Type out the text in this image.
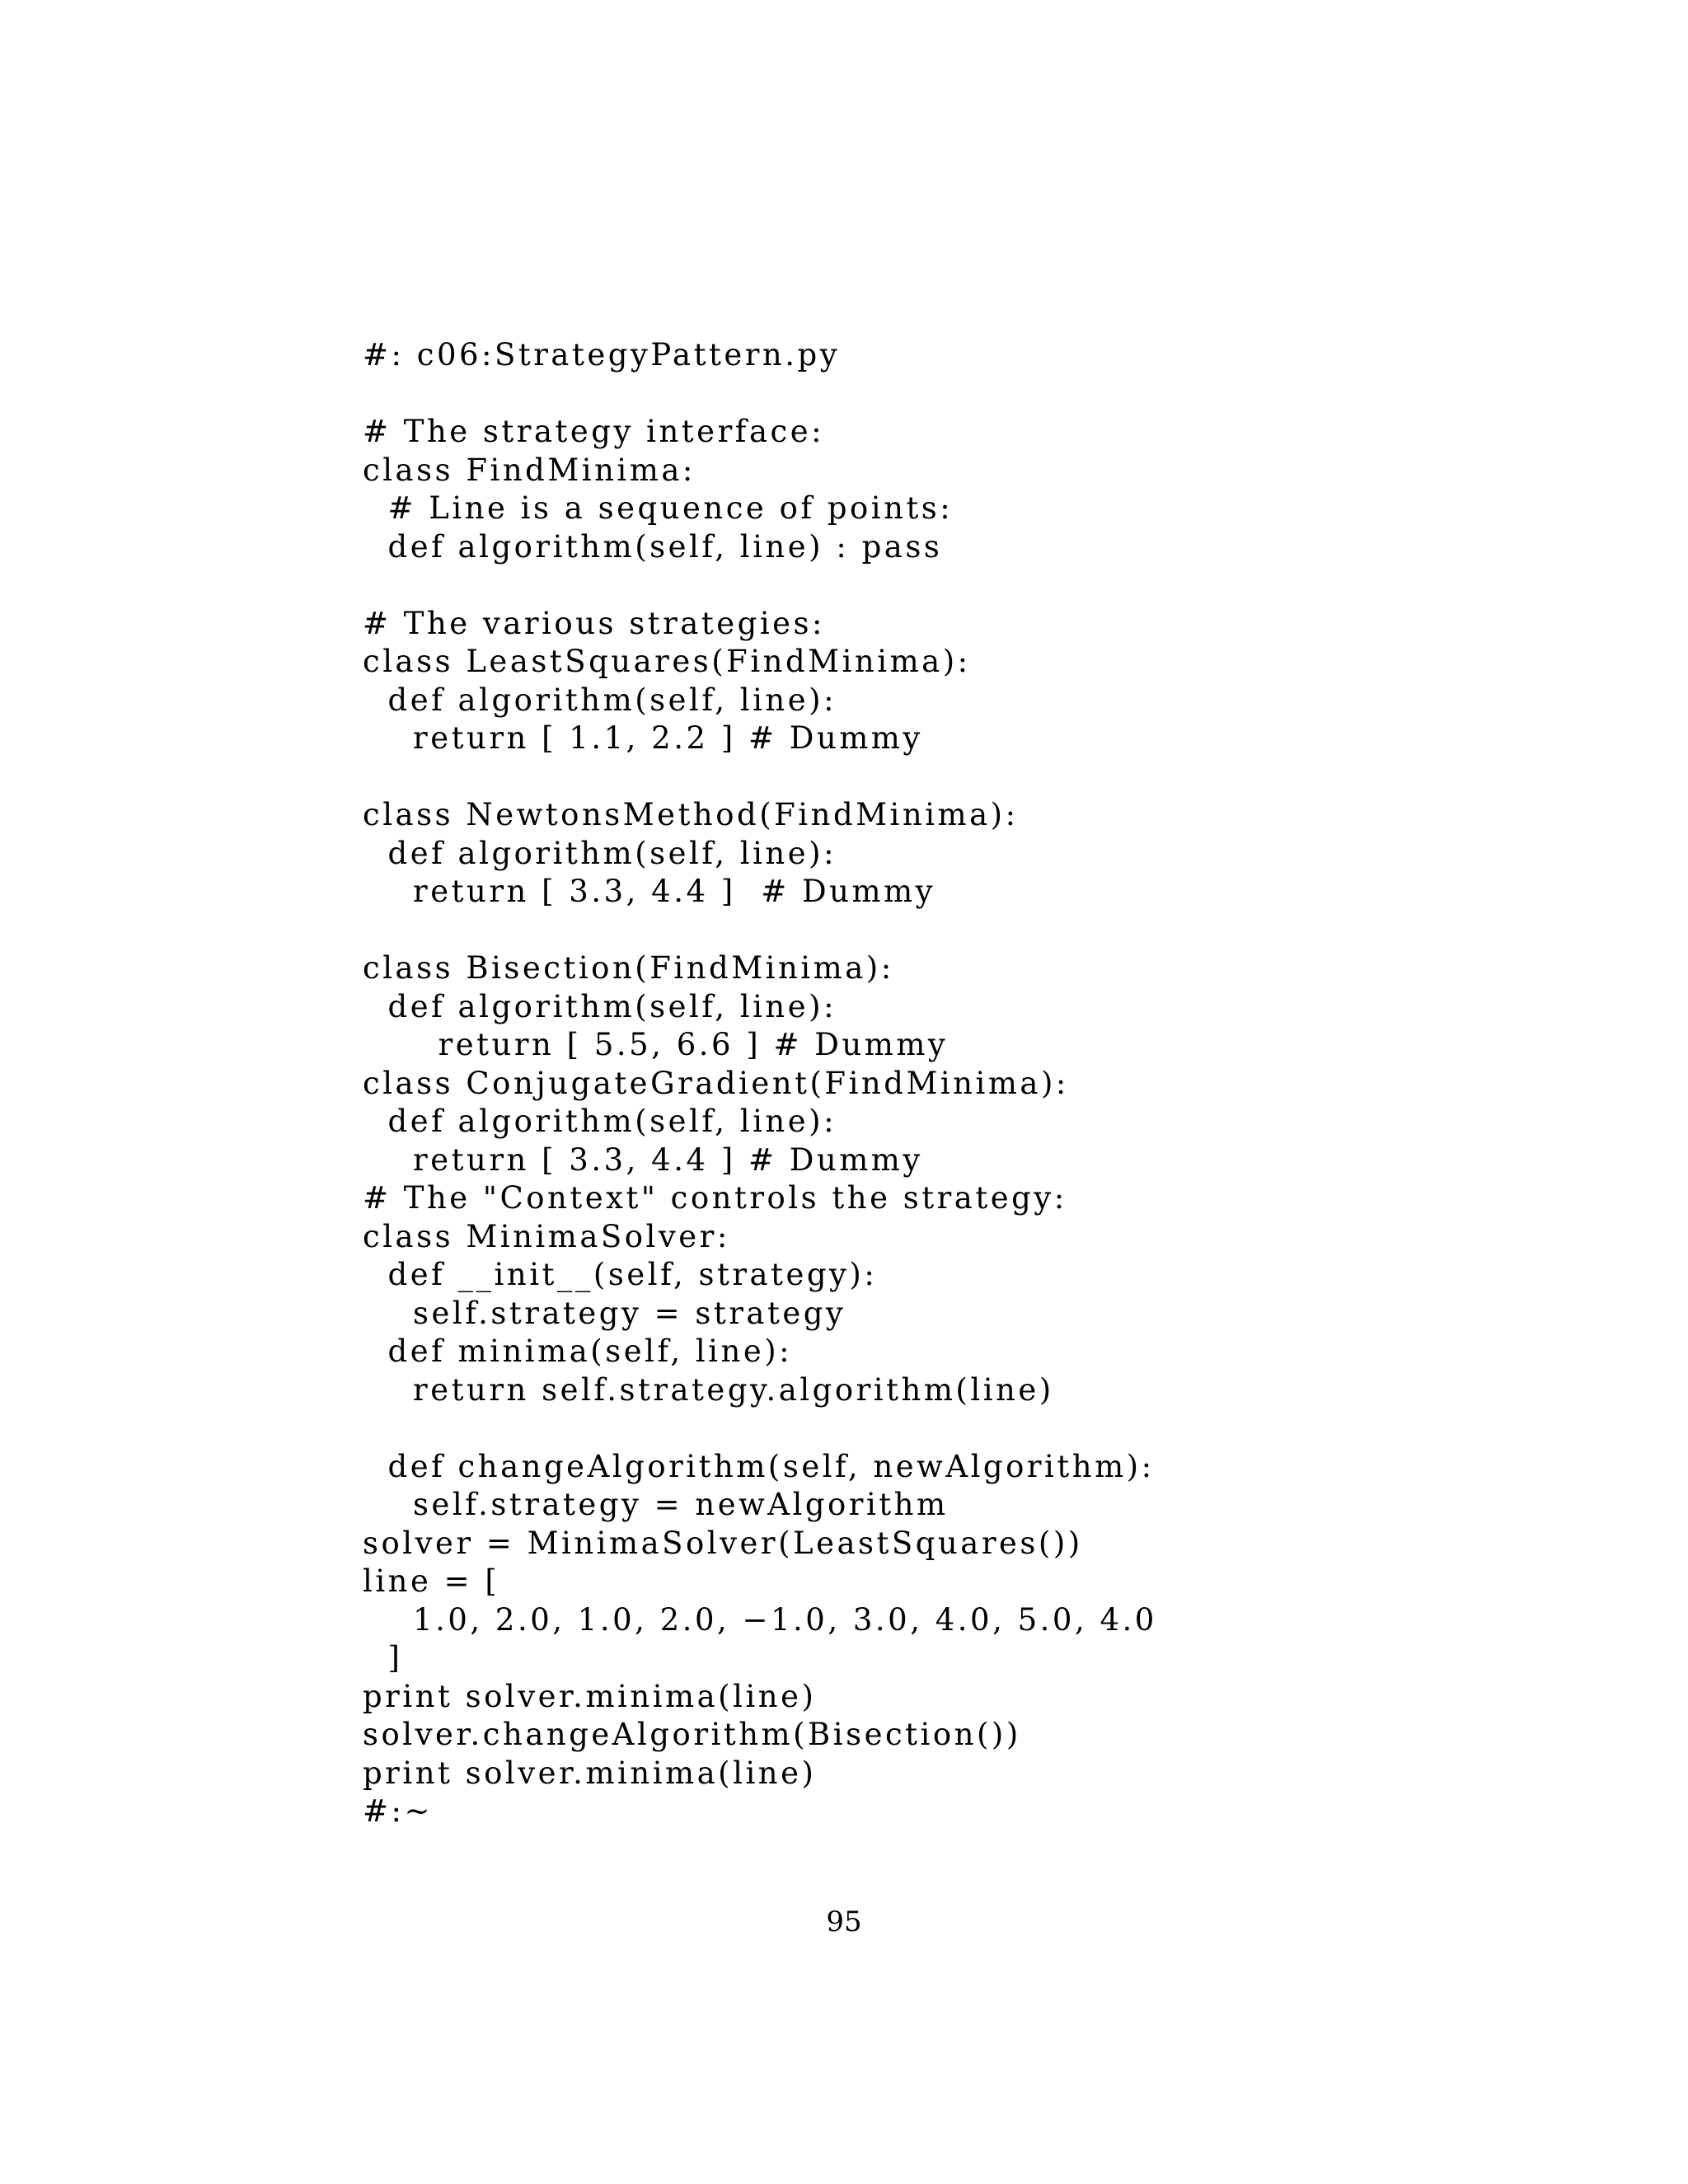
#: c06:StrategyPattern.py
# The strategy interface:
class FindMinima:
# Line is a sequence of points:
def algorithm(self, line) : pass
# The various strategies:
class LeastSquares(FindMinima):
def algorithm(self, line):
return [ 1.1, 2.2 ] # Dummy
class NewtonsMethod(FindMinima):
def algorithm(self, line):
return [ 3.3, 4.4 ]  # Dummy
class Bisection(FindMinima):
def algorithm(self, line):
return [ 5.5, 6.6 ] # Dummy
class ConjugateGradient(FindMinima):
def algorithm(self, line):
return [ 3.3, 4.4 ] # Dummy
# The "Context" controls the strategy:
class MinimaSolver:
def __init__(self, strategy):
self.strategy = strategy
def minima(self, line):
return self.strategy.algorithm(line)
def changeAlgorithm(self, newAlgorithm):
self.strategy = newAlgorithm
solver = MinimaSolver(LeastSquares())
line = [
1.0, 2.0, 1.0, 2.0, −1.0, 3.0, 4.0, 5.0, 4.0
]
print solver.minima(line)
solver.changeAlgorithm(Bisection())
print solver.minima(line)
#:~
95
